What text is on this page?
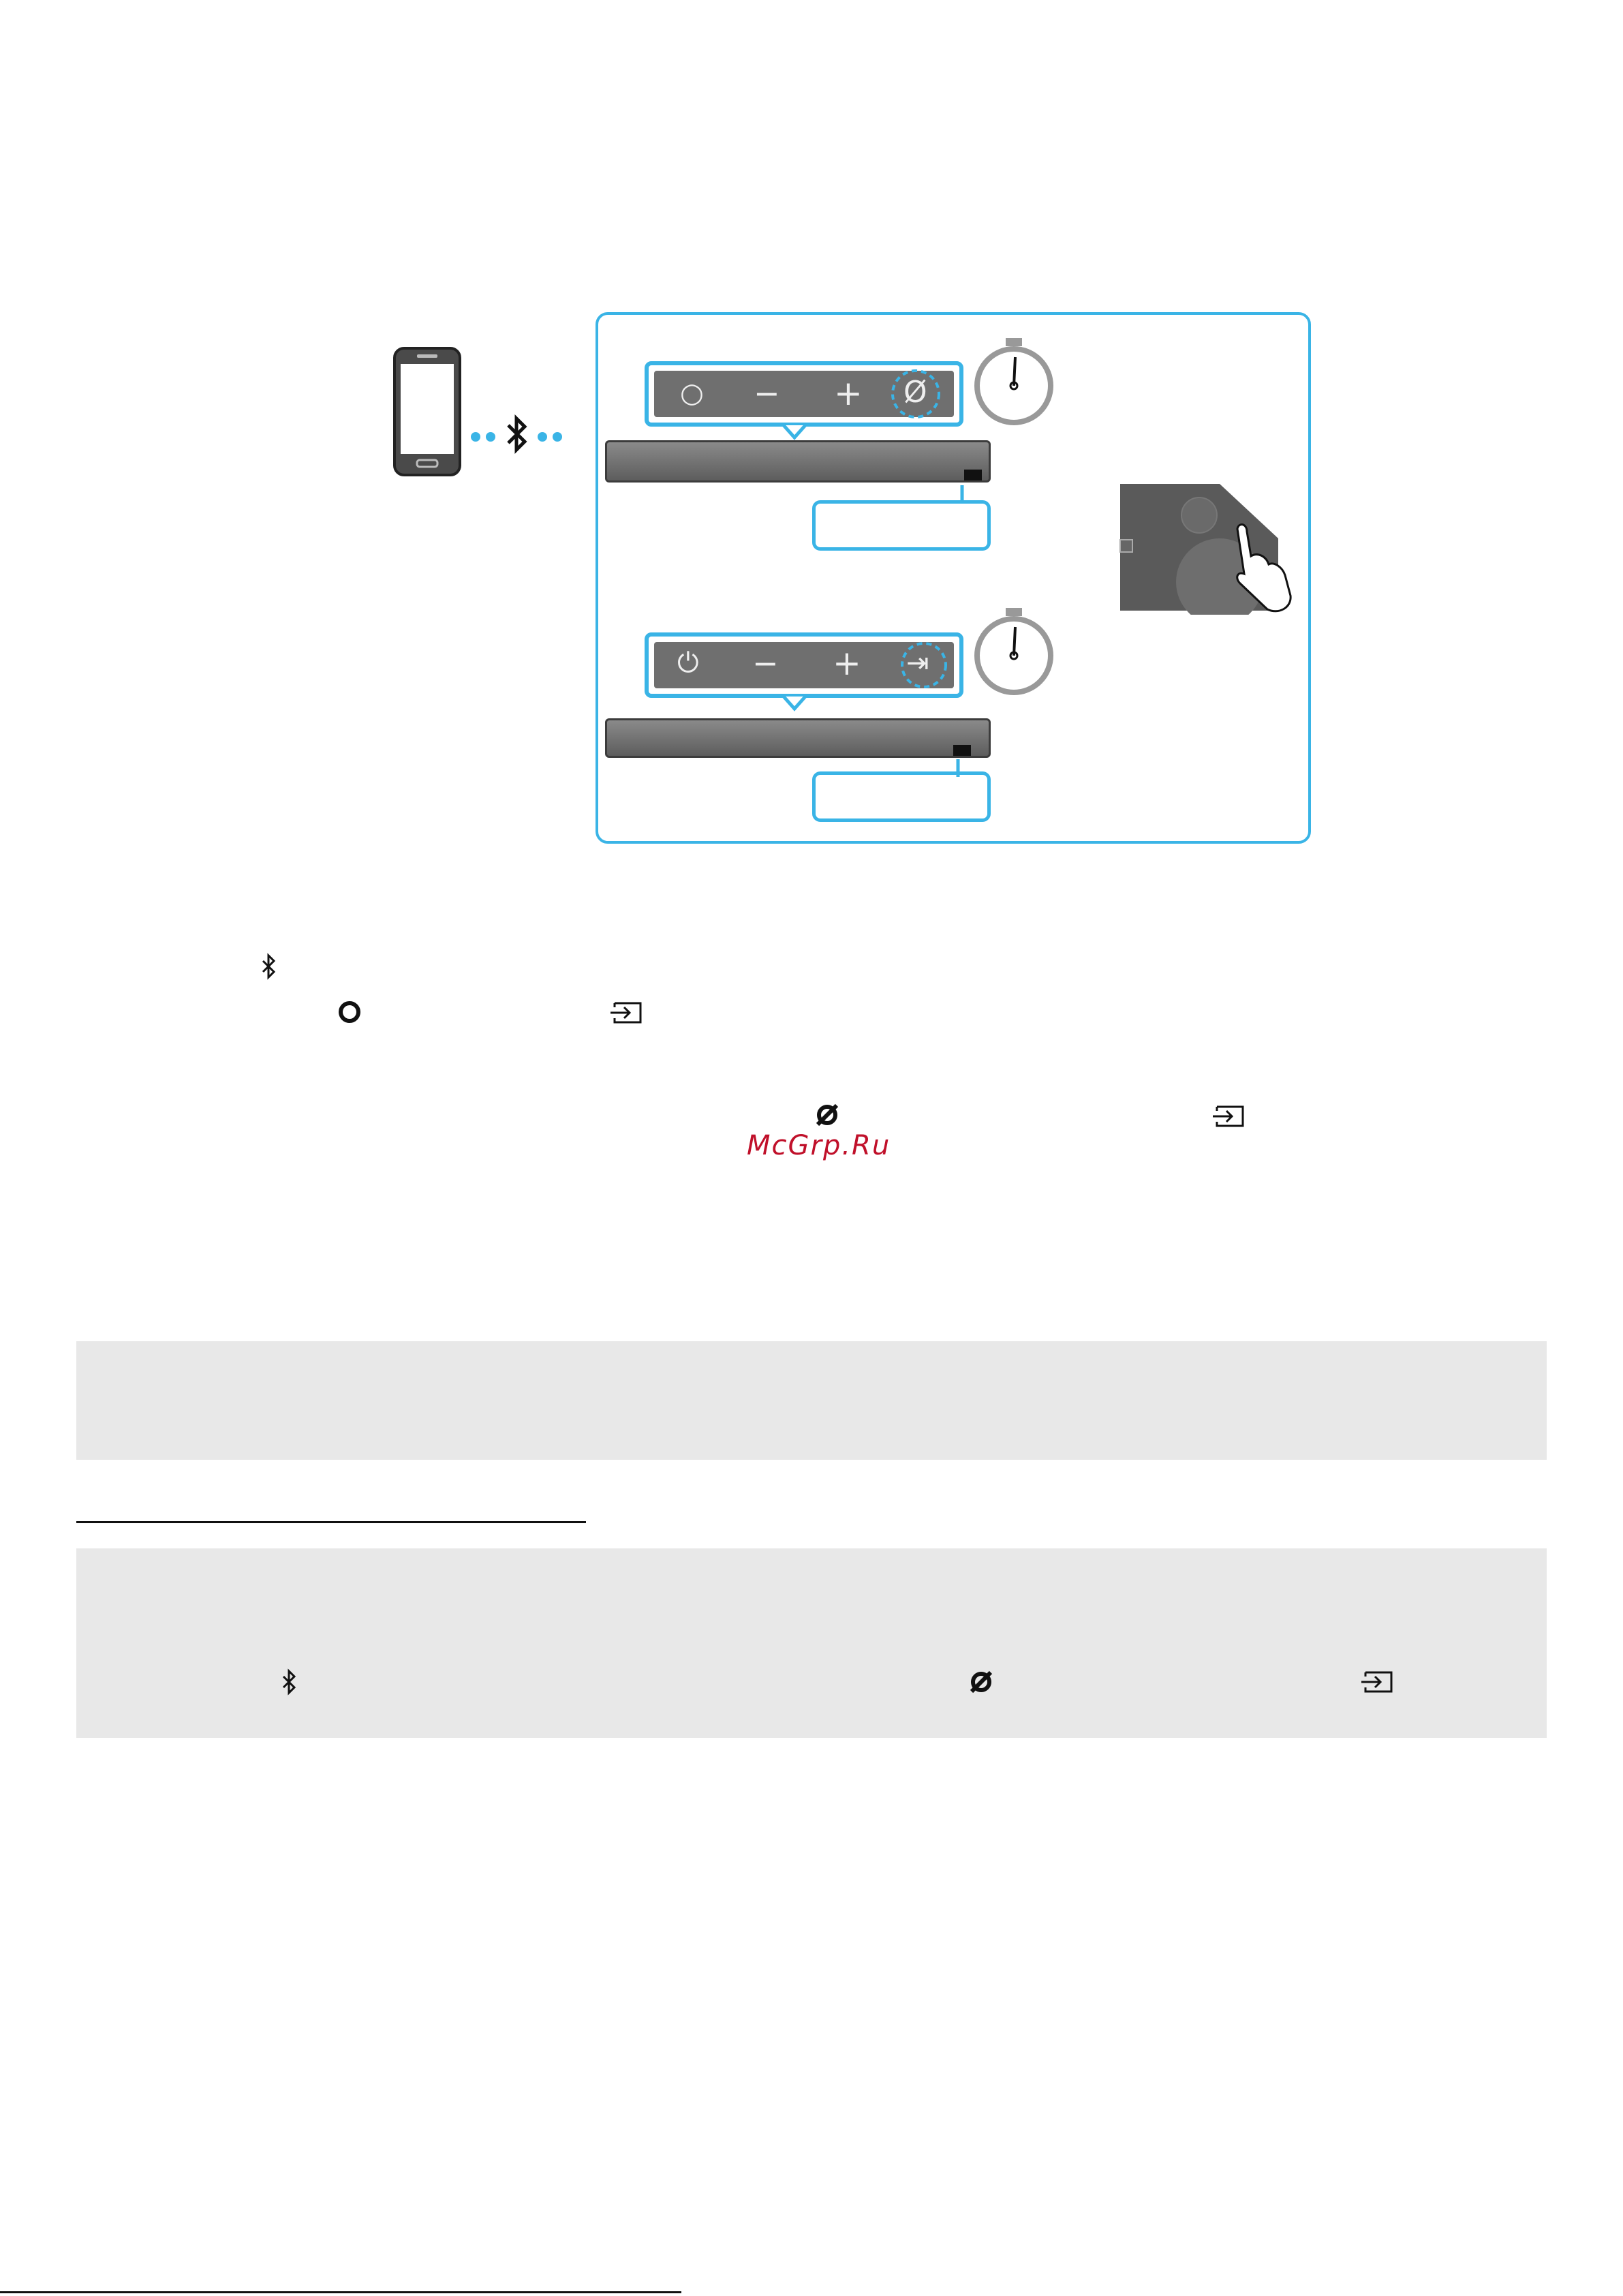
○ − + Ø
⏻ − + ⇥
McGrp.Ru
